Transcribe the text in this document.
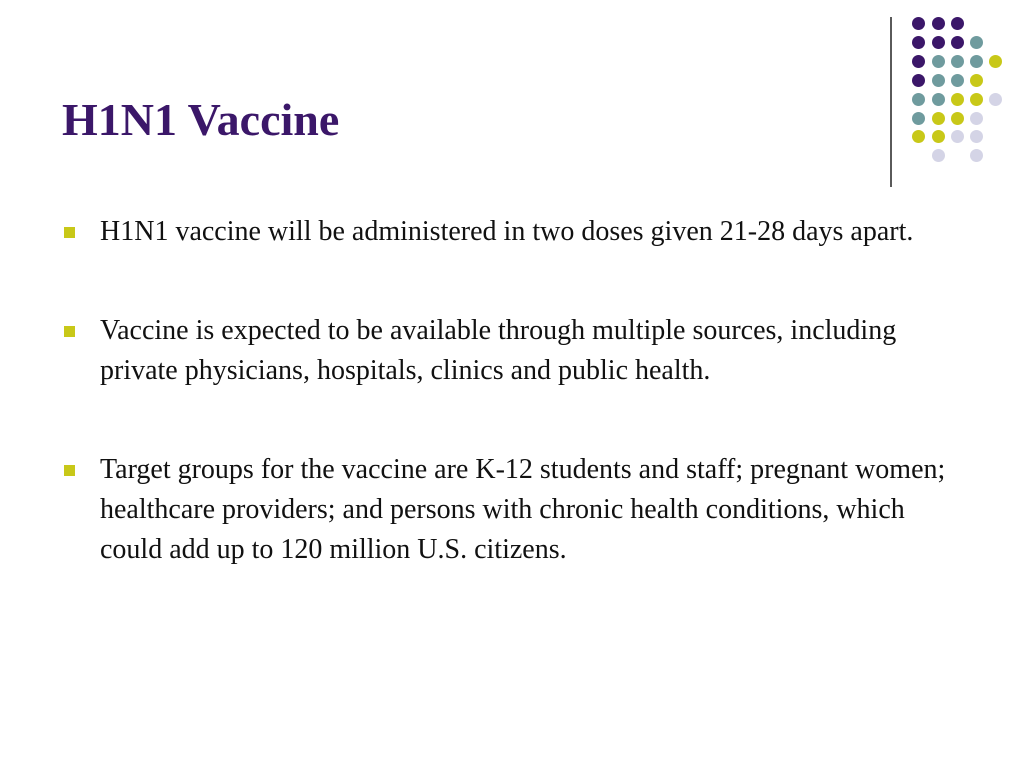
H1N1 Vaccine
H1N1 vaccine will be administered in two doses given 21-28 days apart.
Vaccine is expected to be available through multiple sources, including private physicians, hospitals, clinics and public health.
Target groups for the vaccine are K-12 students and staff; pregnant women; healthcare providers; and persons with chronic health conditions, which could add up to 120 million U.S. citizens.
